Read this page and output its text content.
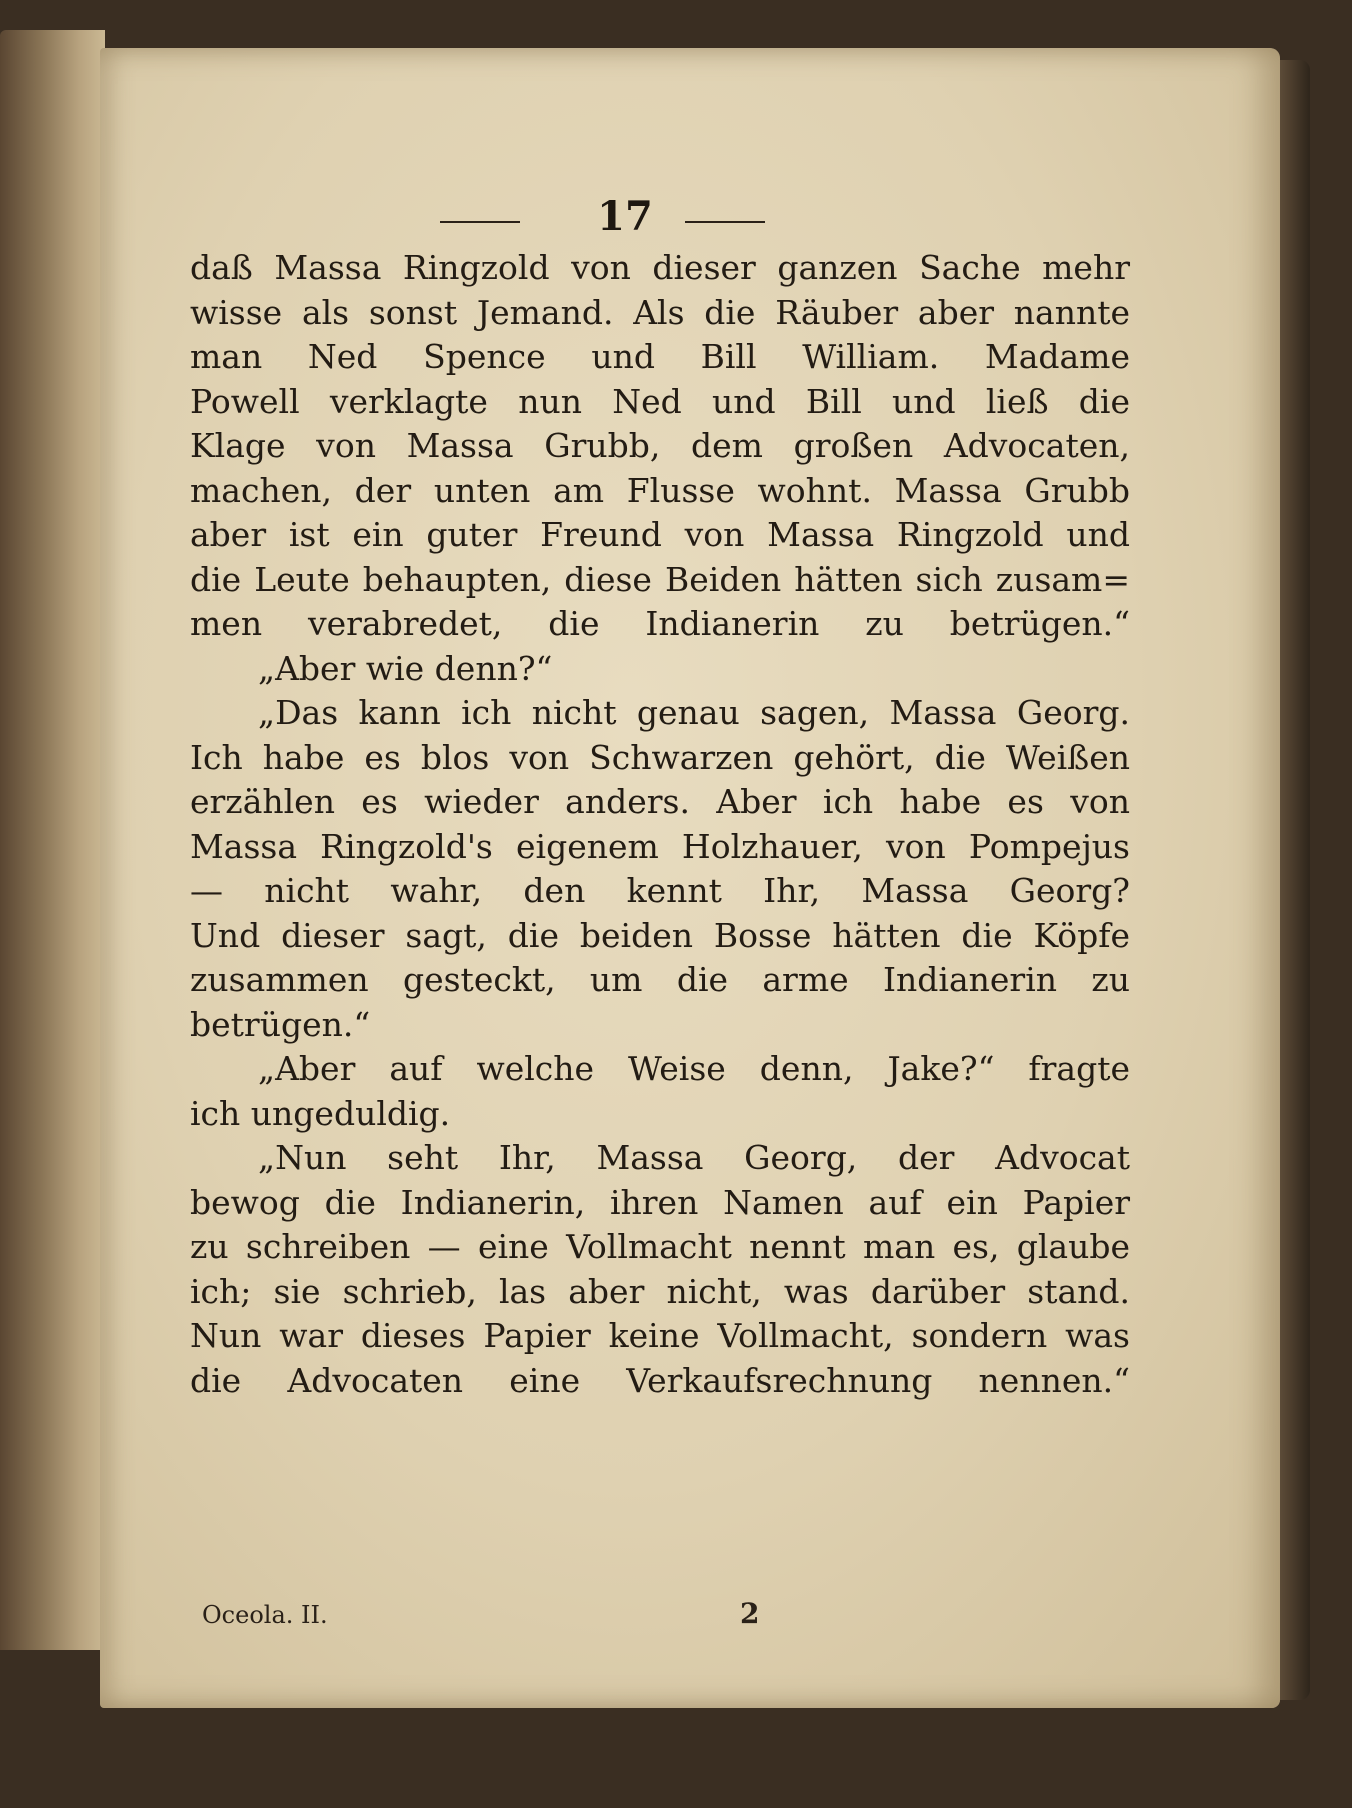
17
daß Massa Ringzold von dieser ganzen Sache mehr
wisse als sonst Jemand. Als die Räuber aber nannte
man Ned Spence und Bill William. Madame
Powell verklagte nun Ned und Bill und ließ die
Klage von Massa Grubb, dem großen Advocaten,
machen, der unten am Flusse wohnt. Massa Grubb
aber ist ein guter Freund von Massa Ringzold und
die Leute behaupten, diese Beiden hätten sich zusam=
men verabredet, die Indianerin zu betrügen.“
„Aber wie denn?“
„Das kann ich nicht genau sagen, Massa Georg.
Ich habe es blos von Schwarzen gehört, die Weißen
erzählen es wieder anders. Aber ich habe es von
Massa Ringzold's eigenem Holzhauer, von Pompejus
— nicht wahr, den kennt Ihr, Massa Georg?
Und dieser sagt, die beiden Bosse hätten die Köpfe
zusammen gesteckt, um die arme Indianerin zu
betrügen.“
„Aber auf welche Weise denn, Jake?“ fragte
ich ungeduldig.
„Nun seht Ihr, Massa Georg, der Advocat
bewog die Indianerin, ihren Namen auf ein Papier
zu schreiben — eine Vollmacht nennt man es, glaube
ich; sie schrieb, las aber nicht, was darüber stand.
Nun war dieses Papier keine Vollmacht, sondern was
die Advocaten eine Verkaufsrechnung nennen.“
Oceola. II.	2
